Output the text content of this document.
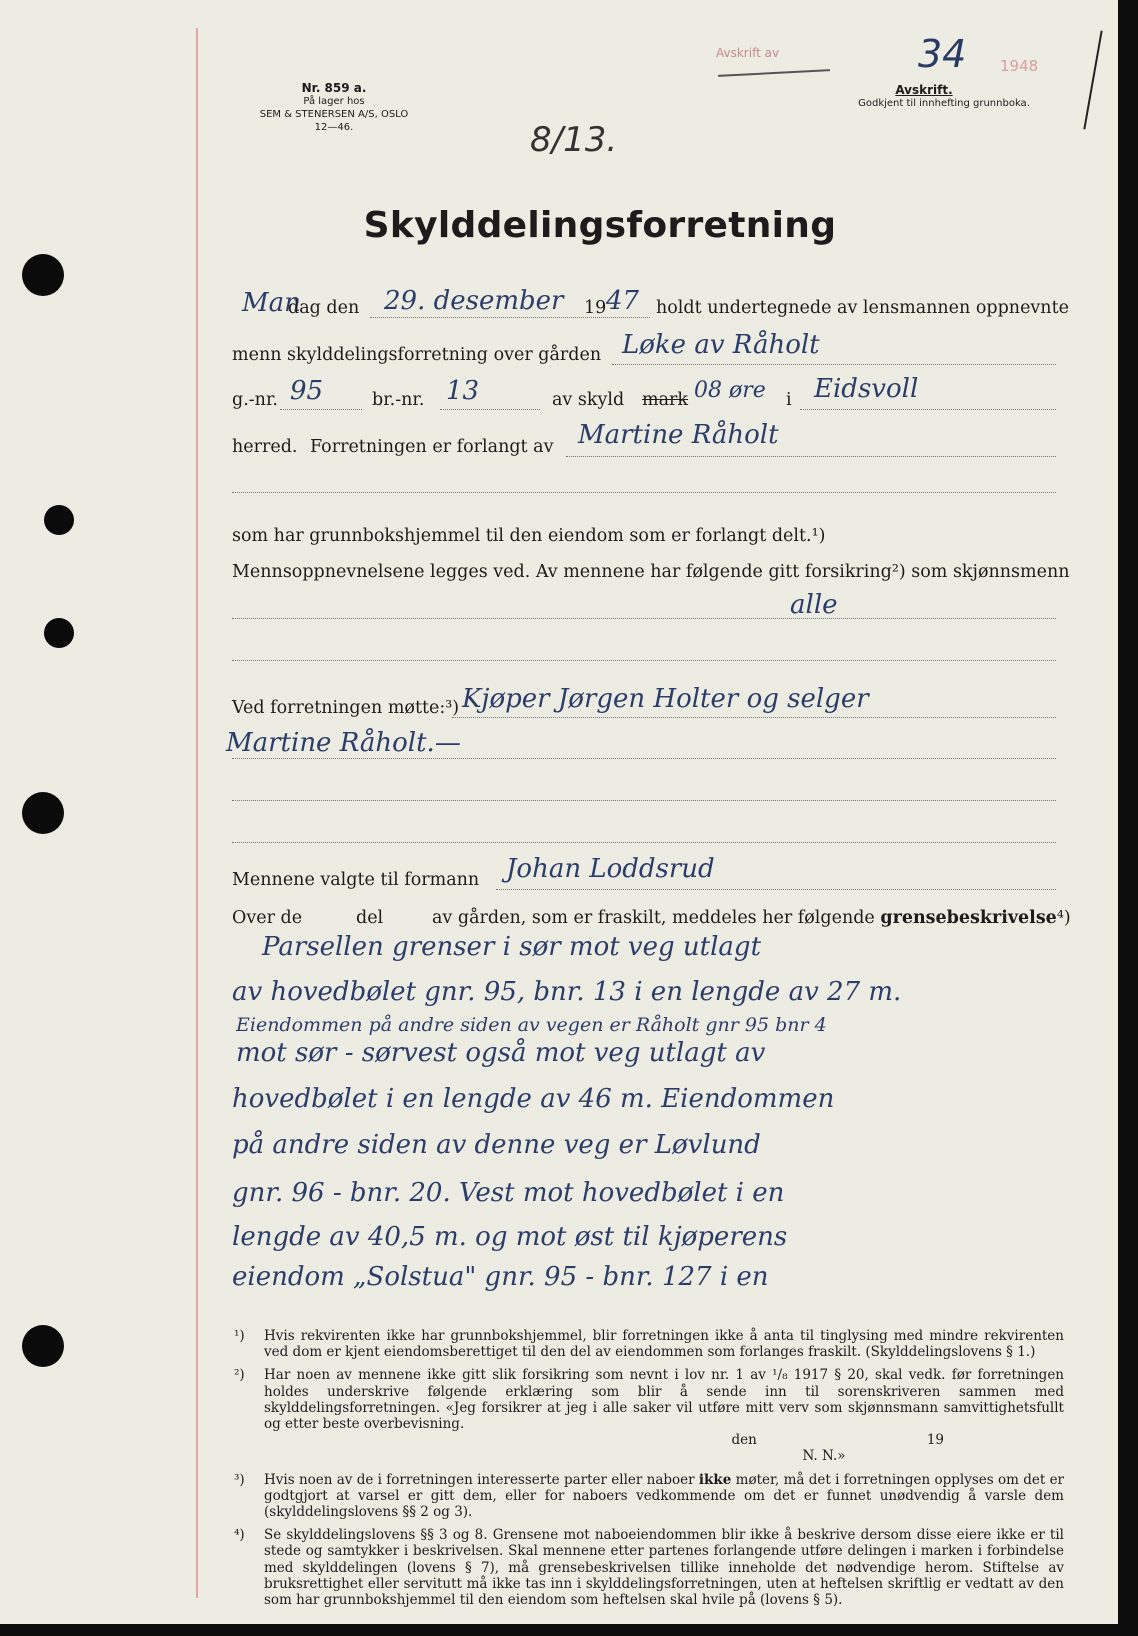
Nr. 859 a.
På lager hos
SEM & STENERSEN A/S, OSLO
12—46.
Avskrift av	34 1948
Avskrift.
Godkjent til innhefting grunnboka.
8/13.
Skylddelingsforretning
Man
dag den 29. desember 19 47 holdt undertegnede av lensmannen oppnevnte
menn skylddelingsforretning over gården Løke av Råholt
g.-nr. 95	br.-nr. 13	av skyld mark 08 øre i Eidsvoll
herred. Forretningen er forlangt av Martine Råholt
som har grunnbokshjemmel til den eiendom som er forlangt delt.¹)
Mennsoppnevnelsene legges ved. Av mennene har følgende gitt forsikring²) som skjønnsmenn
alle
Ved forretningen møtte:³) Kjøper Jørgen Holter og selger
Martine Råholt.—
Mennene valgte til formann Johan Loddsrud
Over de	del	av gården, som er fraskilt, meddeles her følgende grensebeskrivelse⁴)
Parsellen grenser i sør mot veg utlagt
av hovedbølet gnr. 95, bnr. 13 i en lengde av 27 m.
Eiendommen på andre siden av vegen er Råholt gnr 95 bnr 4
mot sør - sørvest også mot veg utlagt av
hovedbølet i en lengde av 46 m. Eiendommen
på andre siden av denne veg er Løvlund
gnr. 96 - bnr. 20. Vest mot hovedbølet i en
lengde av 40,5 m. og mot øst til kjøperens
eiendom „Solstua" gnr. 95 - bnr. 127 i en
¹) Hvis rekvirenten ikke har grunnbokshjemmel, blir forretningen ikke å anta til tinglysing med mindre rekvirenten ved dom er kjent eiendomsberettiget til den del av eiendommen som forlanges fraskilt. (Skylddelingslovens § 1.)
²) Har noen av mennene ikke gitt slik forsikring som nevnt i lov nr. 1 av ¹/₈ 1917 § 20, skal vedk. før forretningen holdes underskrive følgende erklæring som blir å sende inn til sorenskriveren sammen med skylddelingsforretningen. «Jeg forsikrer at jeg i alle saker vil utføre mitt verv som skjønnsmann samvittighetsfullt og etter beste overbevisning.
den	19
N. N.»
³) Hvis noen av de i forretningen interesserte parter eller naboer ikke møter, må det i forretningen opplyses om det er godtgjort at varsel er gitt dem, eller for naboers vedkommende om det er funnet unødvendig å varsle dem (skylddelingslovens §§ 2 og 3).
⁴) Se skylddelingslovens §§ 3 og 8. Grensene mot naboeiendommen blir ikke å beskrive dersom disse eiere ikke er til stede og samtykker i beskrivelsen. Skal mennene etter partenes forlangende utføre delingen i marken i forbindelse med skylddelingen (lovens § 7), må grensebeskrivelsen tillike inneholde det nødvendige herom. Stiftelse av bruksrettighet eller servitutt må ikke tas inn i skylddelingsforretningen, uten at heftelsen skriftlig er vedtatt av den som har grunnbokshjemmel til den eiendom som heftelsen skal hvile på (lovens § 5).
